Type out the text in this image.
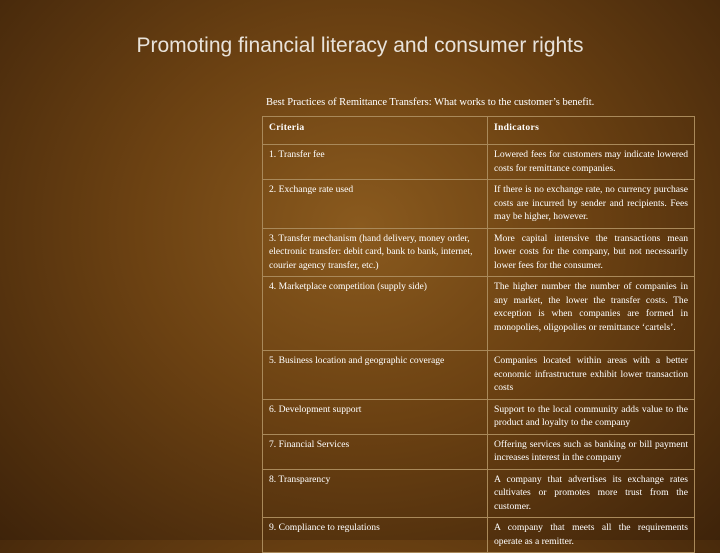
Promoting financial literacy and consumer rights
Best Practices of Remittance Transfers: What works to the customer’s benefit.
Criteria	Indicators
1. Transfer fee	Lowered fees for customers may indicate lowered costs for remittance companies.
2. Exchange rate used	If there is no exchange rate, no currency purchase costs are incurred by sender and recipients. Fees may be higher, however.
3. Transfer mechanism (hand delivery, money order, electronic transfer: debit card, bank to bank, internet, courier agency transfer, etc.)	More capital intensive the transactions mean lower costs for the company, but not necessarily lower fees for the consumer.
4. Marketplace competition (supply side)	The higher number the number of companies in any market, the lower the transfer costs. The exception is when companies are formed in monopolies, oligopolies or remittance ‘cartels’.
5. Business location and geographic coverage	Companies located within areas with a better economic infrastructure exhibit lower transaction costs
6. Development support	Support to the local community adds value to the product and loyalty to the company
7. Financial Services	Offering services such as banking or bill payment increases interest in the company
8. Transparency	A company that advertises its exchange rates cultivates or promotes more trust from the customer.
9. Compliance to regulations	A company that meets all the requirements operate as a remitter.
